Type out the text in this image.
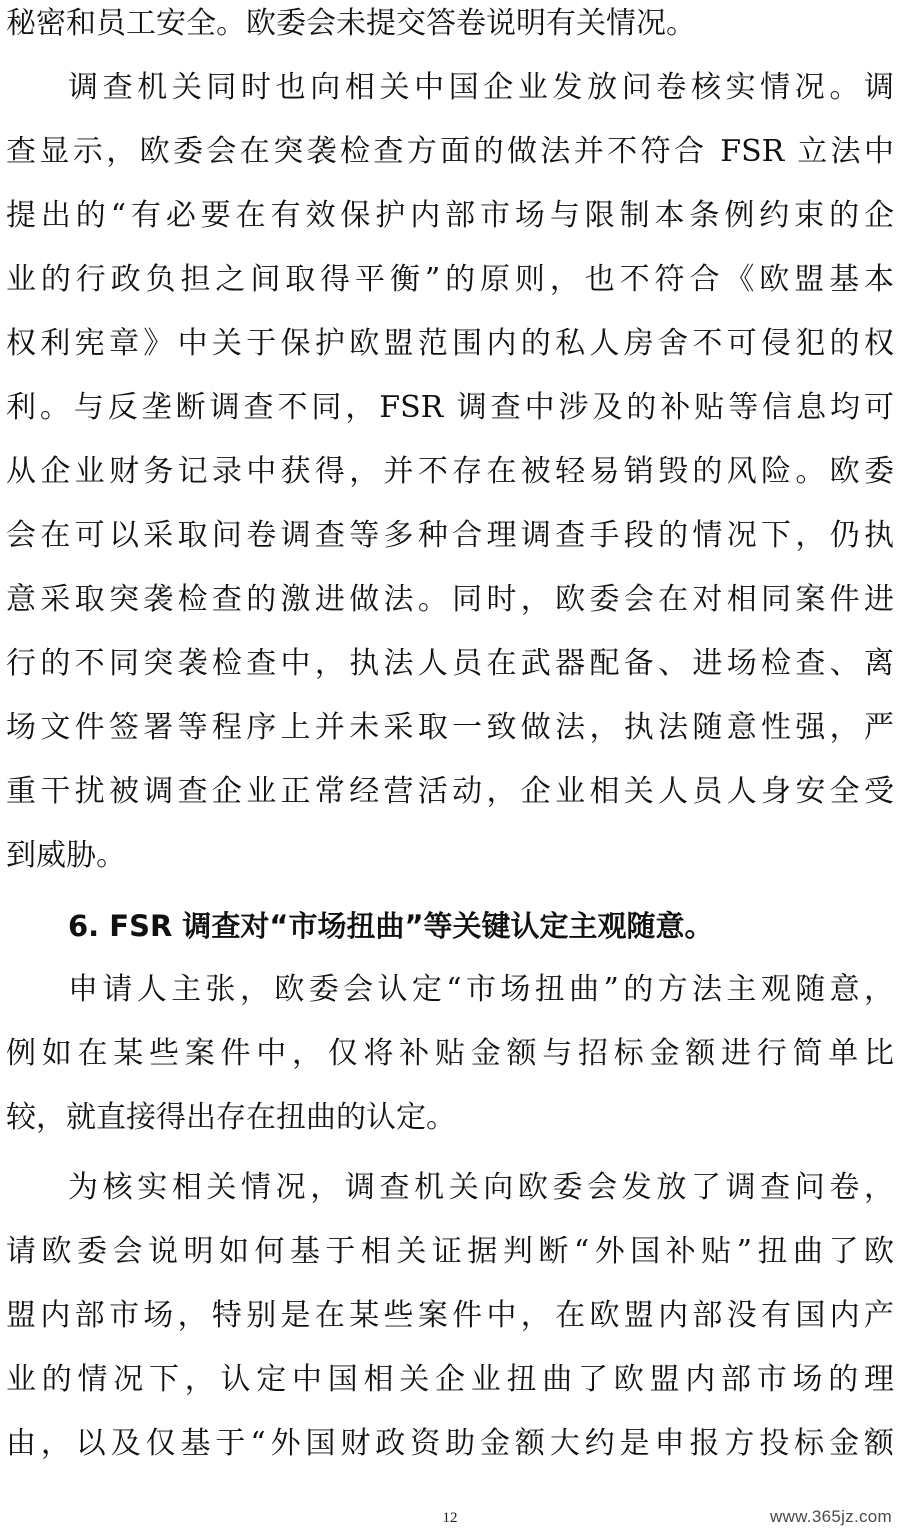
秘密和员工安全。欧委会未提交答卷说明有关情况。
调查机关同时也向相关中国企业发放问卷核实情况。调
查显示，欧委会在突袭检查方面的做法并不符合 FSR 立法中
提出的“有必要在有效保护内部市场与限制本条例约束的企
业的行政负担之间取得平衡”的原则，也不符合《欧盟基本
权利宪章》中关于保护欧盟范围内的私人房舍不可侵犯的权
利。与反垄断调查不同，FSR 调查中涉及的补贴等信息均可
从企业财务记录中获得，并不存在被轻易销毁的风险。欧委
会在可以采取问卷调查等多种合理调查手段的情况下，仍执
意采取突袭检查的激进做法。同时，欧委会在对相同案件进
行的不同突袭检查中，执法人员在武器配备、进场检查、离
场文件签署等程序上并未采取一致做法，执法随意性强，严
重干扰被调查企业正常经营活动，企业相关人员人身安全受
到威胁。
6. FSR 调查对“市场扭曲”等关键认定主观随意。
申请人主张，欧委会认定“市场扭曲”的方法主观随意，
例如在某些案件中，仅将补贴金额与招标金额进行简单比
较，就直接得出存在扭曲的认定。
为核实相关情况，调查机关向欧委会发放了调查问卷，
请欧委会说明如何基于相关证据判断“外国补贴”扭曲了欧
盟内部市场，特别是在某些案件中，在欧盟内部没有国内产
业的情况下，认定中国相关企业扭曲了欧盟内部市场的理
由，以及仅基于“外国财政资助金额大约是申报方投标金额
12	www.365jz.com
